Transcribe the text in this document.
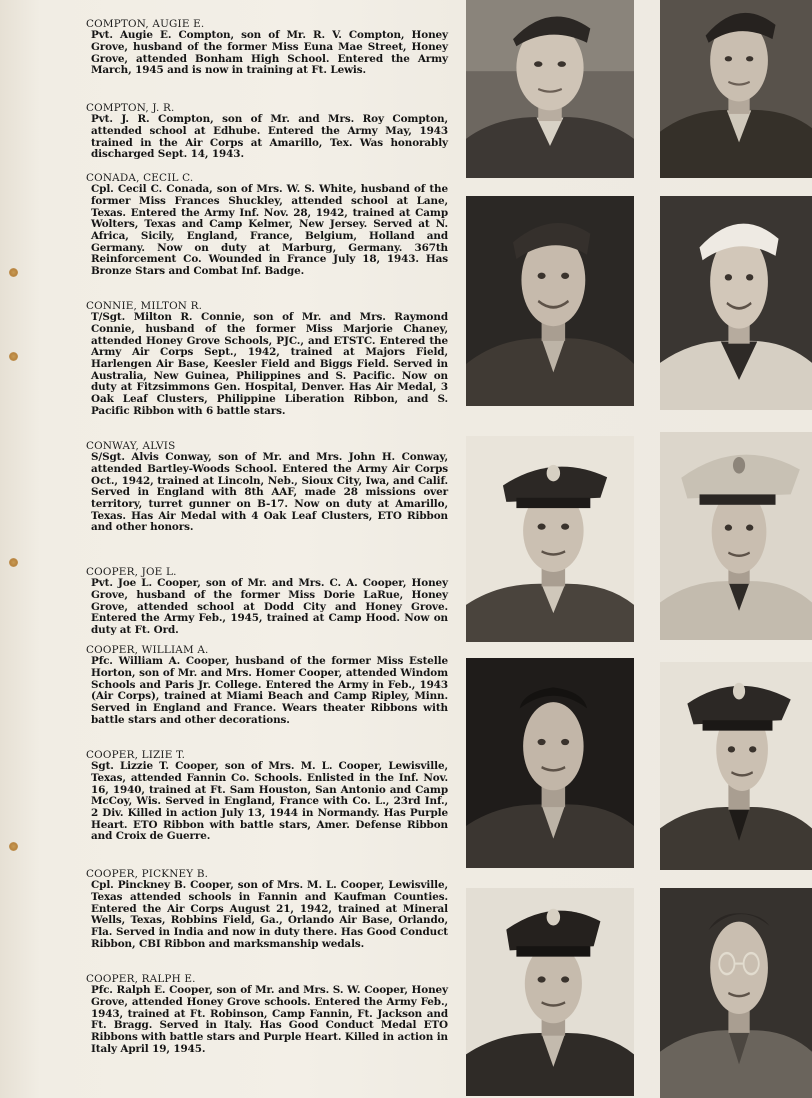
COMPTON, AUGIE E.
Pvt. Augie E. Compton, son of Mr. R. V. Compton, Honey Grove, husband of the former Miss Euna Mae Street, Honey Grove, attended Bonham High School. Entered the Army March, 1945 and is now in training at Ft. Lewis.
COMPTON, J. R.
Pvt. J. R. Compton, son of Mr. and Mrs. Roy Compton, attended school at Edhube. Entered the Army May, 1943 trained in the Air Corps at Amarillo, Tex. Was honorably discharged Sept. 14, 1943.
CONADA, CECIL C.
Cpl. Cecil C. Conada, son of Mrs. W. S. White, husband of the former Miss Frances Shuckley, attended school at Lane, Texas. Entered the Army Inf. Nov. 28, 1942, trained at Camp Wolters, Texas and Camp Kelmer, New Jersey. Served at N. Africa, Sicily, England, France, Belgium, Holland and Germany. Now on duty at Marburg, Germany. 367th Reinforcement Co. Wounded in France July 18, 1943. Has Bronze Stars and Combat Inf. Badge.
CONNIE, MILTON R.
T/Sgt. Milton R. Connie, son of Mr. and Mrs. Raymond Connie, husband of the former Miss Marjorie Chaney, attended Honey Grove Schools, PJC., and ETSTC. Entered the Army Air Corps Sept., 1942, trained at Majors Field, Harlengen Air Base, Keesler Field and Biggs Field. Served in Australia, New Guinea, Philippines and S. Pacific. Now on duty at Fitzsimmons Gen. Hospital, Denver. Has Air Medal, 3 Oak Leaf Clusters, Philippine Liberation Ribbon, and S. Pacific Ribbon with 6 battle stars.
CONWAY, ALVIS
S/Sgt. Alvis Conway, son of Mr. and Mrs. John H. Conway, attended Bartley-Woods School. Entered the Army Air Corps Oct., 1942, trained at Lincoln, Neb., Sioux City, Iwa, and Calif. Served in England with 8th AAF, made 28 missions over territory, turret gunner on B-17. Now on duty at Amarillo, Texas. Has Air Medal with 4 Oak Leaf Clusters, ETO Ribbon and other honors.
COOPER, JOE L.
Pvt. Joe L. Cooper, son of Mr. and Mrs. C. A. Cooper, Honey Grove, husband of the former Miss Dorie LaRue, Honey Grove, attended school at Dodd City and Honey Grove. Entered the Army Feb., 1945, trained at Camp Hood. Now on duty at Ft. Ord.
COOPER, WILLIAM A.
Pfc. William A. Cooper, husband of the former Miss Estelle Horton, son of Mr. and Mrs. Homer Cooper, attended Windom Schools and Paris Jr. College. Entered the Army in Feb., 1943 (Air Corps), trained at Miami Beach and Camp Ripley, Minn. Served in England and France. Wears theater Ribbons with battle stars and other decorations.
COOPER, LIZIE T.
Sgt. Lizzie T. Cooper, son of Mrs. M. L. Cooper, Lewisville, Texas, attended Fannin Co. Schools. Enlisted in the Inf. Nov. 16, 1940, trained at Ft. Sam Houston, San Antonio and Camp McCoy, Wis. Served in England, France with Co. L., 23rd Inf., 2 Div. Killed in action July 13, 1944 in Normandy. Has Purple Heart. ETO Ribbon with battle stars, Amer. Defense Ribbon and Croix de Guerre.
COOPER, PICKNEY B.
Cpl. Pinckney B. Cooper, son of Mrs. M. L. Cooper, Lewisville, Texas attended schools in Fannin and Kaufman Counties. Entered the Air Corps August 21, 1942, trained at Mineral Wells, Texas, Robbins Field, Ga., Orlando Air Base, Orlando, Fla. Served in India and now in duty there. Has Good Conduct Ribbon, CBI Ribbon and marksmanship wedals.
COOPER, RALPH E.
Pfc. Ralph E. Cooper, son of Mr. and Mrs. S. W. Cooper, Honey Grove, attended Honey Grove schools. Entered the Army Feb., 1943, trained at Ft. Robinson, Camp Fannin, Ft. Jackson and Ft. Bragg. Served in Italy. Has Good Conduct Medal ETO Ribbons with battle stars and Purple Heart. Killed in action in Italy April 19, 1945.
